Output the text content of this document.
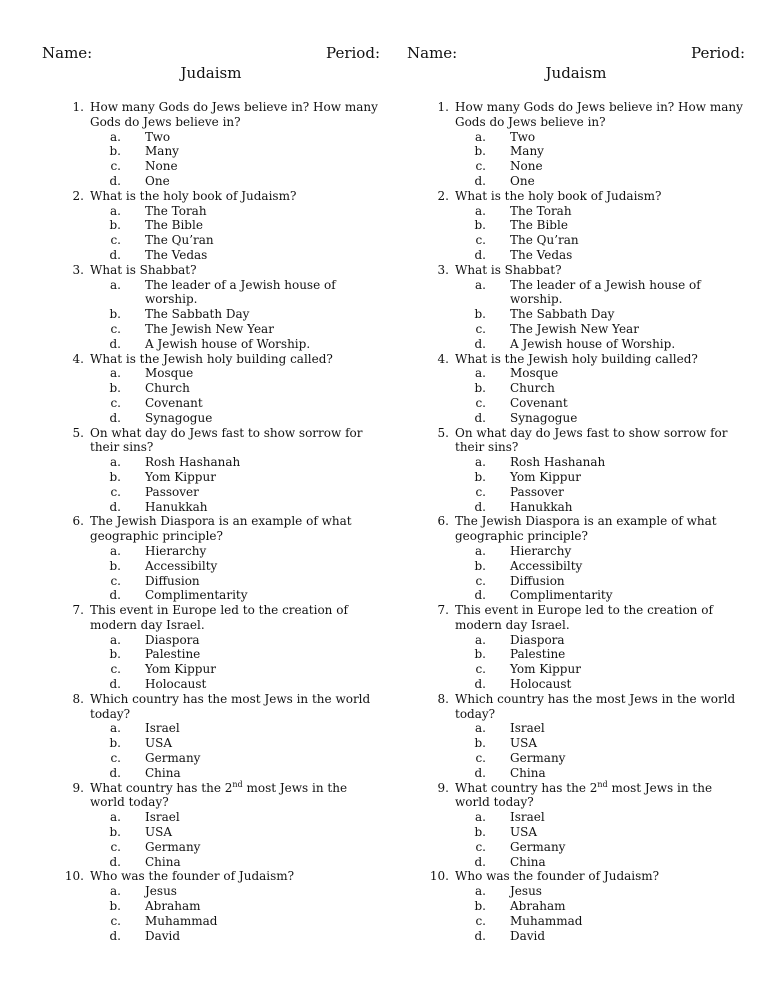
Name:	Period:
Judaism
1. How many Gods do Jews believe in? How many Gods do Jews believe in?
a. Two
b. Many
c. None
d. One
2. What is the holy book of Judaism?
a. The Torah
b. The Bible
c. The Qu’ran
d. The Vedas
3. What is Shabbat?
a. The leader of a Jewish house of worship.
b. The Sabbath Day
c. The Jewish New Year
d. A Jewish house of Worship.
4. What is the Jewish holy building called?
a. Mosque
b. Church
c. Covenant
d. Synagogue
5. On what day do Jews fast to show sorrow for their sins?
a. Rosh Hashanah
b. Yom Kippur
c. Passover
d. Hanukkah
6. The Jewish Diaspora is an example of what geographic principle?
a. Hierarchy
b. Accessibilty
c. Diffusion
d. Complimentarity
7. This event in Europe led to the creation of modern day Israel.
a. Diaspora
b. Palestine
c. Yom Kippur
d. Holocaust
8. Which country has the most Jews in the world today?
a. Israel
b. USA
c. Germany
d. China
9. What country has the 2nd most Jews in the world today?
a. Israel
b. USA
c. Germany
d. China
10. Who was the founder of Judaism?
a. Jesus
b. Abraham
c. Muhammad
d. David
Name:	Period:
Judaism
1. How many Gods do Jews believe in? How many Gods do Jews believe in?
a. Two
b. Many
c. None
d. One
2. What is the holy book of Judaism?
a. The Torah
b. The Bible
c. The Qu’ran
d. The Vedas
3. What is Shabbat?
a. The leader of a Jewish house of worship.
b. The Sabbath Day
c. The Jewish New Year
d. A Jewish house of Worship.
4. What is the Jewish holy building called?
a. Mosque
b. Church
c. Covenant
d. Synagogue
5. On what day do Jews fast to show sorrow for their sins?
a. Rosh Hashanah
b. Yom Kippur
c. Passover
d. Hanukkah
6. The Jewish Diaspora is an example of what geographic principle?
a. Hierarchy
b. Accessibilty
c. Diffusion
d. Complimentarity
7. This event in Europe led to the creation of modern day Israel.
a. Diaspora
b. Palestine
c. Yom Kippur
d. Holocaust
8. Which country has the most Jews in the world today?
a. Israel
b. USA
c. Germany
d. China
9. What country has the 2nd most Jews in the world today?
a. Israel
b. USA
c. Germany
d. China
10. Who was the founder of Judaism?
a. Jesus
b. Abraham
c. Muhammad
d. David
